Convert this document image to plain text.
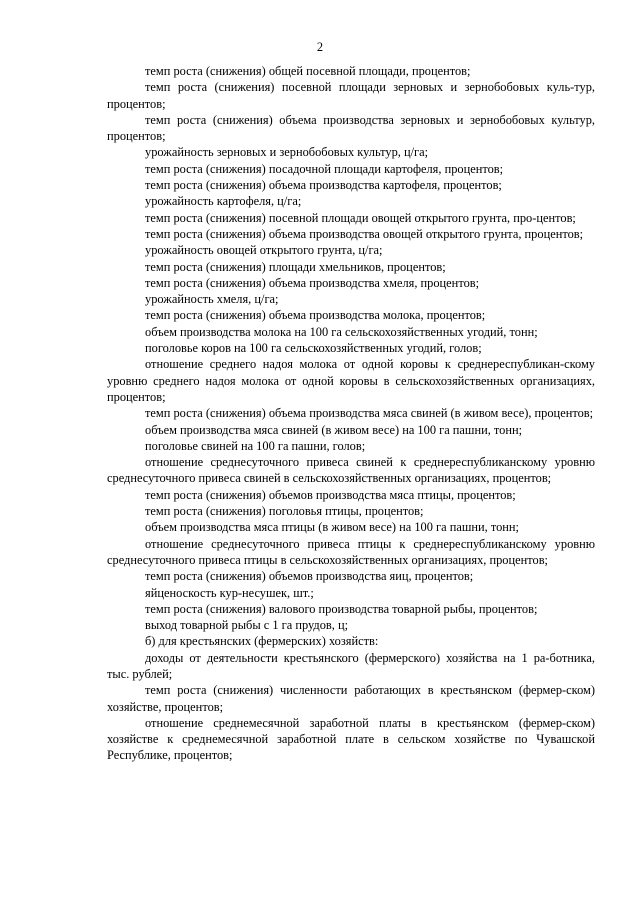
2

темп роста (снижения) общей посевной площади, процентов;

темп роста (снижения) посевной площади зерновых и зернобобовых куль-тур, процентов;

темп роста (снижения) объема производства зерновых и зернобобовых культур, процентов;

урожайность зерновых и зернобобовых культур, ц/га;

темп роста (снижения) посадочной площади картофеля, процентов;

темп роста (снижения) объема производства картофеля, процентов;

урожайность картофеля, ц/га;

темп роста (снижения) посевной площади овощей открытого грунта, про-центов;

темп роста (снижения) объема производства овощей открытого грунта, процентов;

урожайность овощей открытого грунта, ц/га;

темп роста (снижения) площади хмельников, процентов;

темп роста (снижения) объема производства хмеля, процентов;

урожайность хмеля, ц/га;

темп роста (снижения) объема производства молока, процентов;

объем производства молока на 100 га сельскохозяйственных угодий, тонн;

поголовье коров на 100 га сельскохозяйственных угодий, голов;

отношение среднего надоя молока от одной коровы к среднереспубликан-скому уровню среднего надоя молока от одной коровы в сельскохозяйственных организациях, процентов;

темп роста (снижения) объема производства мяса свиней (в живом весе), процентов;

объем производства мяса свиней (в живом весе) на 100 га пашни, тонн;

поголовье свиней на 100 га пашни, голов;

отношение среднесуточного привеса свиней к среднереспубликанскому уровню среднесуточного привеса свиней в сельскохозяйственных организациях, процентов;

темп роста (снижения) объемов производства мяса птицы, процентов;

темп роста (снижения) поголовья птицы, процентов;

объем производства мяса птицы (в живом весе) на 100 га пашни, тонн;

отношение среднесуточного привеса птицы к среднереспубликанскому уровню среднесуточного привеса птицы в сельскохозяйственных организациях, процентов;

темп роста (снижения) объемов производства яиц, процентов;

яйценоскость кур-несушек, шт.;

темп роста (снижения) валового производства товарной рыбы, процентов;

выход товарной рыбы с 1 га прудов, ц;

б) для крестьянских (фермерских) хозяйств:

доходы от деятельности крестьянского (фермерского) хозяйства на 1 ра-ботника, тыс. рублей;

темп роста (снижения) численности работающих в крестьянском (фермер-ском) хозяйстве, процентов;

отношение среднемесячной заработной платы в крестьянском (фермер-ском) хозяйстве к среднемесячной заработной плате в сельском хозяйстве по Чувашской Республике, процентов;
